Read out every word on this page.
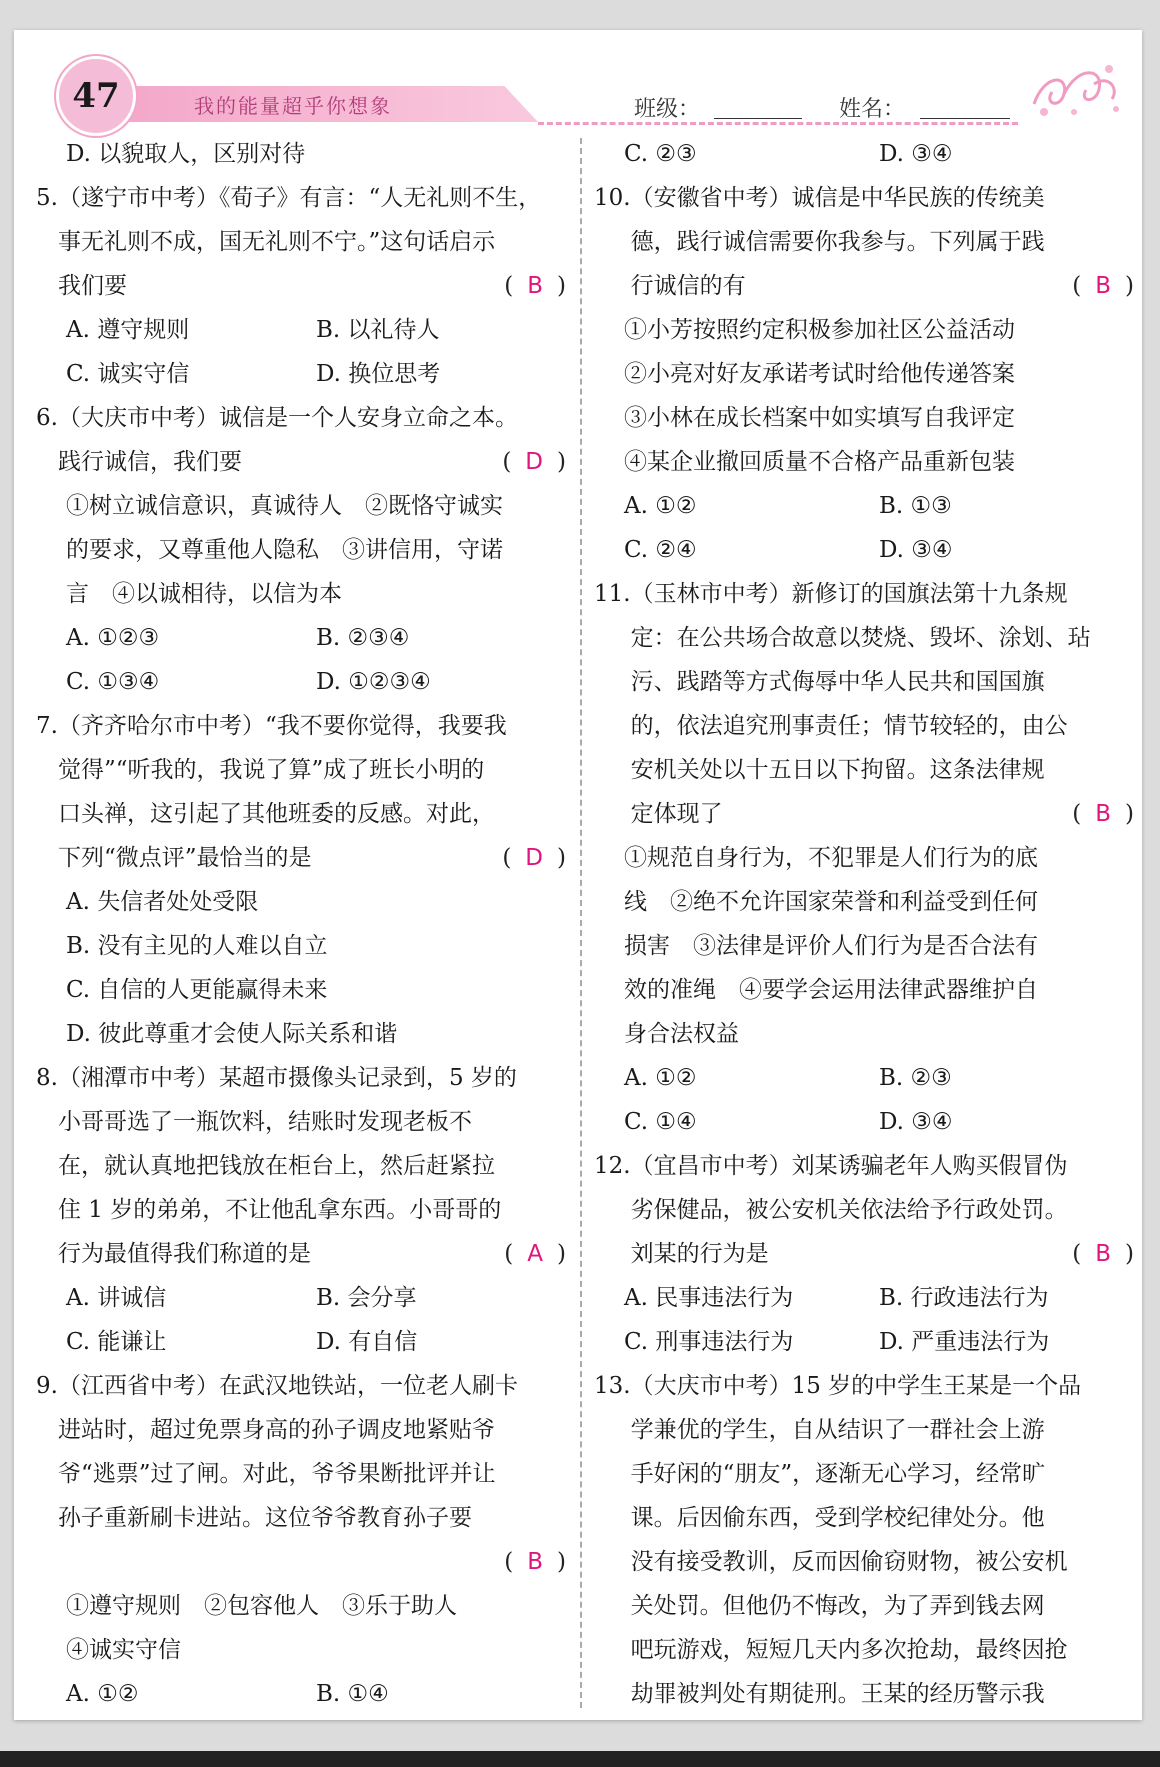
47	我的能量超乎你想象	班级：	姓名：
D. 以貌取人，区别对待
5. （遂宁市中考）《荀子》有言：“人无礼则不生，
事无礼则不成，国无礼则不宁。”这句话启示
我们要	( B )
A. 遵守规则	B. 以礼待人
C. 诚实守信	D. 换位思考
6. （大庆市中考）诚信是一个人安身立命之本。
践行诚信，我们要	( D )
①树立诚信意识，真诚待人　②既恪守诚实
的要求，又尊重他人隐私　③讲信用，守诺
言　④以诚相待，以信为本
A. ①②③	B. ②③④
C. ①③④	D. ①②③④
7. （齐齐哈尔市中考）“我不要你觉得，我要我
觉得”“听我的，我说了算”成了班长小明的
口头禅，这引起了其他班委的反感。对此，
下列“微点评”最恰当的是	( D )
A. 失信者处处受限
B. 没有主见的人难以自立
C. 自信的人更能赢得未来
D. 彼此尊重才会使人际关系和谐
8. （湘潭市中考）某超市摄像头记录到，5 岁的
小哥哥选了一瓶饮料，结账时发现老板不
在，就认真地把钱放在柜台上，然后赶紧拉
住 1 岁的弟弟，不让他乱拿东西。小哥哥的
行为最值得我们称道的是	( A )
A. 讲诚信	B. 会分享
C. 能谦让	D. 有自信
9. （江西省中考）在武汉地铁站，一位老人刷卡
进站时，超过免票身高的孙子调皮地紧贴爷
爷“逃票”过了闸。对此，爷爷果断批评并让
孙子重新刷卡进站。这位爷爷教育孙子要
( B )
①遵守规则　②包容他人　③乐于助人
④诚实守信
A. ①②	B. ①④
C. ②③	D. ③④
10. （安徽省中考）诚信是中华民族的传统美
德，践行诚信需要你我参与。下列属于践
行诚信的有	( B )
①小芳按照约定积极参加社区公益活动
②小亮对好友承诺考试时给他传递答案
③小林在成长档案中如实填写自我评定
④某企业撤回质量不合格产品重新包装
A. ①②	B. ①③
C. ②④	D. ③④
11. （玉林市中考）新修订的国旗法第十九条规
定：在公共场合故意以焚烧、毁坏、涂划、玷
污、践踏等方式侮辱中华人民共和国国旗
的，依法追究刑事责任；情节较轻的，由公
安机关处以十五日以下拘留。这条法律规
定体现了	( B )
①规范自身行为，不犯罪是人们行为的底
线　②绝不允许国家荣誉和利益受到任何
损害　③法律是评价人们行为是否合法有
效的准绳　④要学会运用法律武器维护自
身合法权益
A. ①②	B. ②③
C. ①④	D. ③④
12. （宜昌市中考）刘某诱骗老年人购买假冒伪
劣保健品，被公安机关依法给予行政处罚。
刘某的行为是	( B )
A. 民事违法行为	B. 行政违法行为
C. 刑事违法行为	D. 严重违法行为
13. （大庆市中考）15 岁的中学生王某是一个品
学兼优的学生，自从结识了一群社会上游
手好闲的“朋友”，逐渐无心学习，经常旷
课。后因偷东西，受到学校纪律处分。他
没有接受教训，反而因偷窃财物，被公安机
关处罚。但他仍不悔改，为了弄到钱去网
吧玩游戏，短短几天内多次抢劫，最终因抢
劫罪被判处有期徒刑。王某的经历警示我
